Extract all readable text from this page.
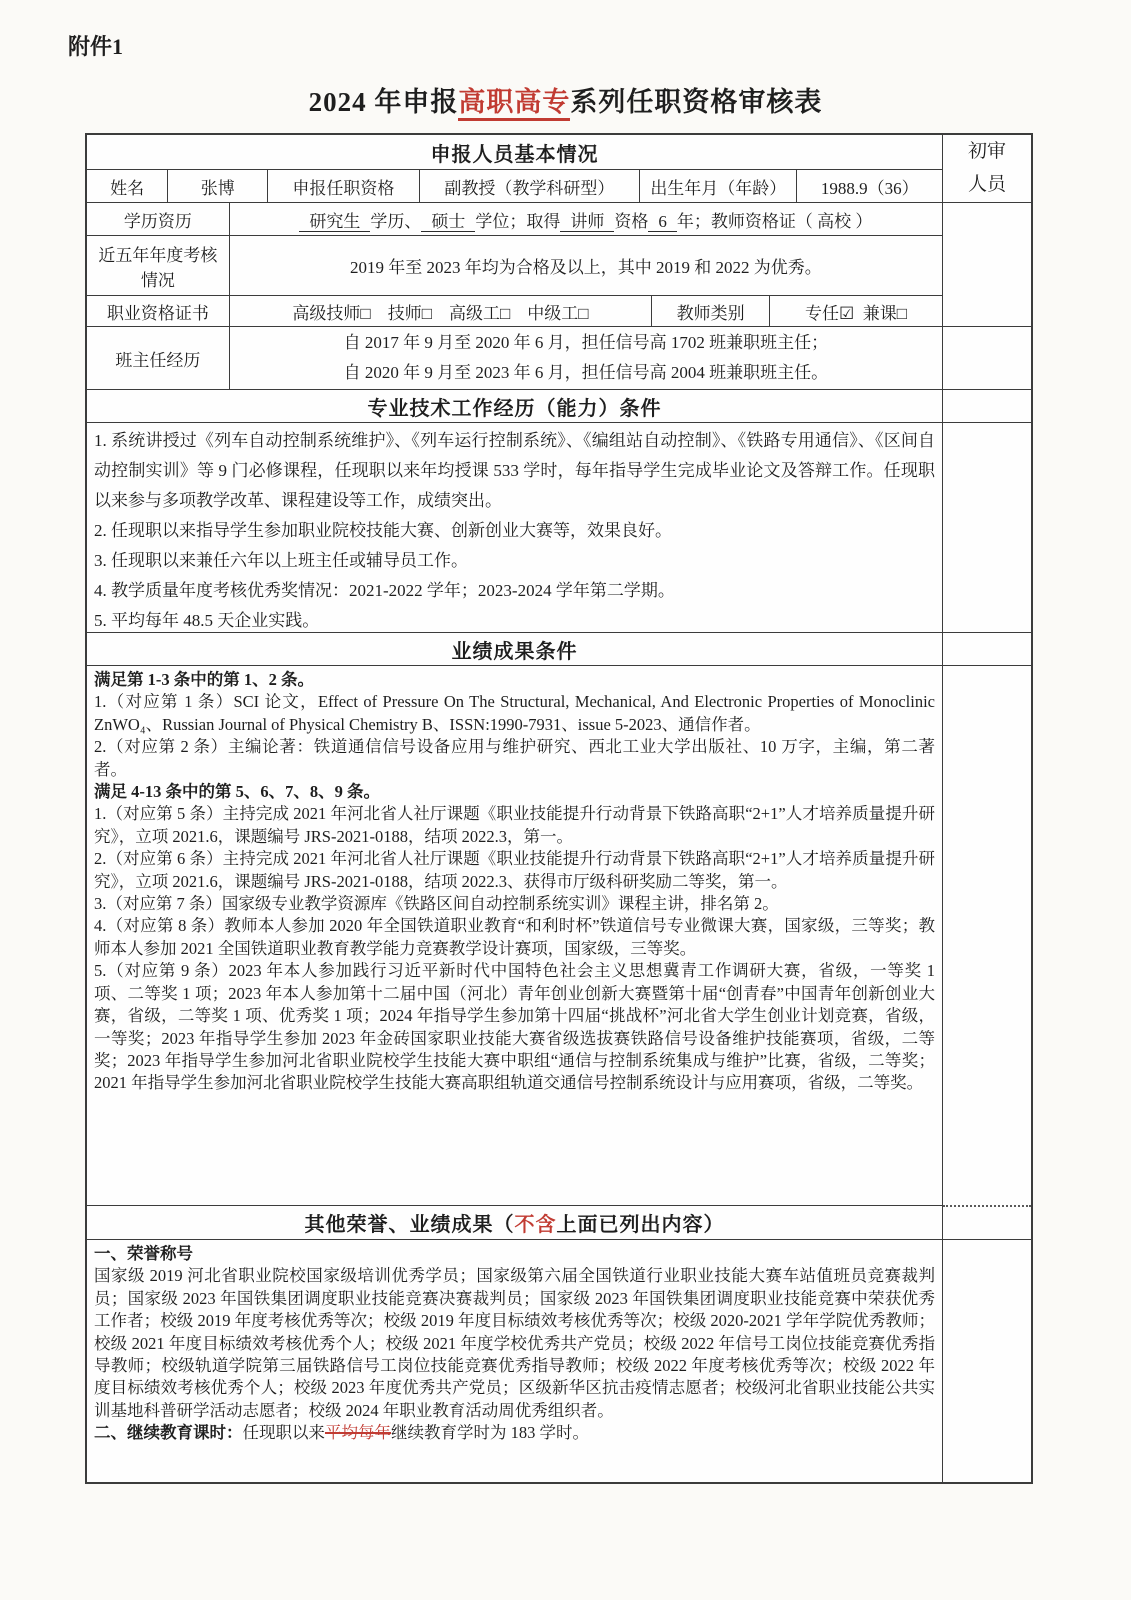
附件1
2024 年申报高职高专系列任职资格审核表
申报人员基本情况
姓名	张博	申报任职资格	副教授（教学科研型）	出生年月（年龄）	1988.9（36）
学历资历	研究生 学历、 硕士 学位；取得 讲师 资格 6 年；教师资格证（ 高校 ）
近五年年度考核情况
2019 年至 2023 年均为合格及以上，其中 2019 和 2022 为优秀。
职业资格证书	高级技师□　技师□　高级工□　中级工□	教师类别	专任☑  兼课□
班主任经历
自 2017 年 9 月至 2020 年 6 月，担任信号高 1702 班兼职班主任；
自 2020 年 9 月至 2023 年 6 月，担任信号高 2004 班兼职班主任。
专业技术工作经历（能力）条件

1. 系统讲授过《列车自动控制系统维护》、《列车运行控制系统》、《编组站自动控制》、《铁路专用通信》、《区间自动控制实训》等 9 门必修课程，任现职以来年均授课 533 学时，每年指导学生完成毕业论文及答辩工作。任现职以来参与多项教学改革、课程建设等工作，成绩突出。

2. 任现职以来指导学生参加职业院校技能大赛、创新创业大赛等，效果良好。

3. 任现职以来兼任六年以上班主任或辅导员工作。

4. 教学质量年度考核优秀奖情况：2021-2022 学年；2023-2024 学年第二学期。

5. 平均每年 48.5 天企业实践。

业绩成果条件

满足第 1-3 条中的第 1、2 条。

1.（对应第 1 条）SCI 论文，Effect of Pressure On The Structural, Mechanical, And Electronic Properties of Monoclinic ZnWO₄、Russian Journal of Physical Chemistry B、ISSN:1990-7931、issue 5-2023、通信作者。

2.（对应第 2 条）主编论著：铁道通信信号设备应用与维护研究、西北工业大学出版社、10 万字，主编，第二著者。

满足 4-13 条中的第 5、6、7、8、9 条。

1.（对应第 5 条）主持完成 2021 年河北省人社厅课题《职业技能提升行动背景下铁路高职“2+1”人才培养质量提升研究》，立项 2021.6，课题编号 JRS-2021-0188，结项 2022.3，第一。

2.（对应第 6 条）主持完成 2021 年河北省人社厅课题《职业技能提升行动背景下铁路高职“2+1”人才培养质量提升研究》，立项 2021.6，课题编号 JRS-2021-0188，结项 2022.3、获得市厅级科研奖励二等奖，第一。

3.（对应第 7 条）国家级专业教学资源库《铁路区间自动控制系统实训》课程主讲，排名第 2。

4.（对应第 8 条）教师本人参加 2020 年全国铁道职业教育“和利时杯”铁道信号专业微课大赛，国家级，三等奖；教师本人参加 2021 全国铁道职业教育教学能力竞赛教学设计赛项，国家级，三等奖。

5.（对应第 9 条）2023 年本人参加践行习近平新时代中国特色社会主义思想冀青工作调研大赛，省级，一等奖 1 项、二等奖 1 项；2023 年本人参加第十二届中国（河北）青年创业创新大赛暨第十届“创青春”中国青年创新创业大赛，省级，二等奖 1 项、优秀奖 1 项；2024 年指导学生参加第十四届“挑战杯”河北省大学生创业计划竞赛，省级，一等奖；2023 年指导学生参加 2023 年金砖国家职业技能大赛省级选拔赛铁路信号设备维护技能赛项，省级，二等奖；2023 年指导学生参加河北省职业院校学生技能大赛中职组“通信与控制系统集成与维护”比赛，省级，二等奖；2021 年指导学生参加河北省职业院校学生技能大赛高职组轨道交通信号控制系统设计与应用赛项，省级，二等奖。

其他荣誉、业绩成果（不含上面已列出内容）

一、荣誉称号

国家级 2019 河北省职业院校国家级培训优秀学员；国家级第六届全国铁道行业职业技能大赛车站值班员竞赛裁判员；国家级 2023 年国铁集团调度职业技能竞赛决赛裁判员；国家级 2023 年国铁集团调度职业技能竞赛中荣获优秀工作者；校级 2019 年度考核优秀等次；校级 2019 年度目标绩效考核优秀等次；校级 2020-2021 学年学院优秀教师；校级 2021 年度目标绩效考核优秀个人；校级 2021 年度学校优秀共产党员；校级 2022 年信号工岗位技能竞赛优秀指导教师；校级轨道学院第三届铁路信号工岗位技能竞赛优秀指导教师；校级 2022 年度考核优秀等次；校级 2022 年度目标绩效考核优秀个人；校级 2023 年度优秀共产党员；区级新华区抗击疫情志愿者；校级河北省职业技能公共实训基地科普研学活动志愿者；校级 2024 年职业教育活动周优秀组织者。

二、继续教育课时：任现职以来平均每年继续教育学时为 183 学时。

初审人员
